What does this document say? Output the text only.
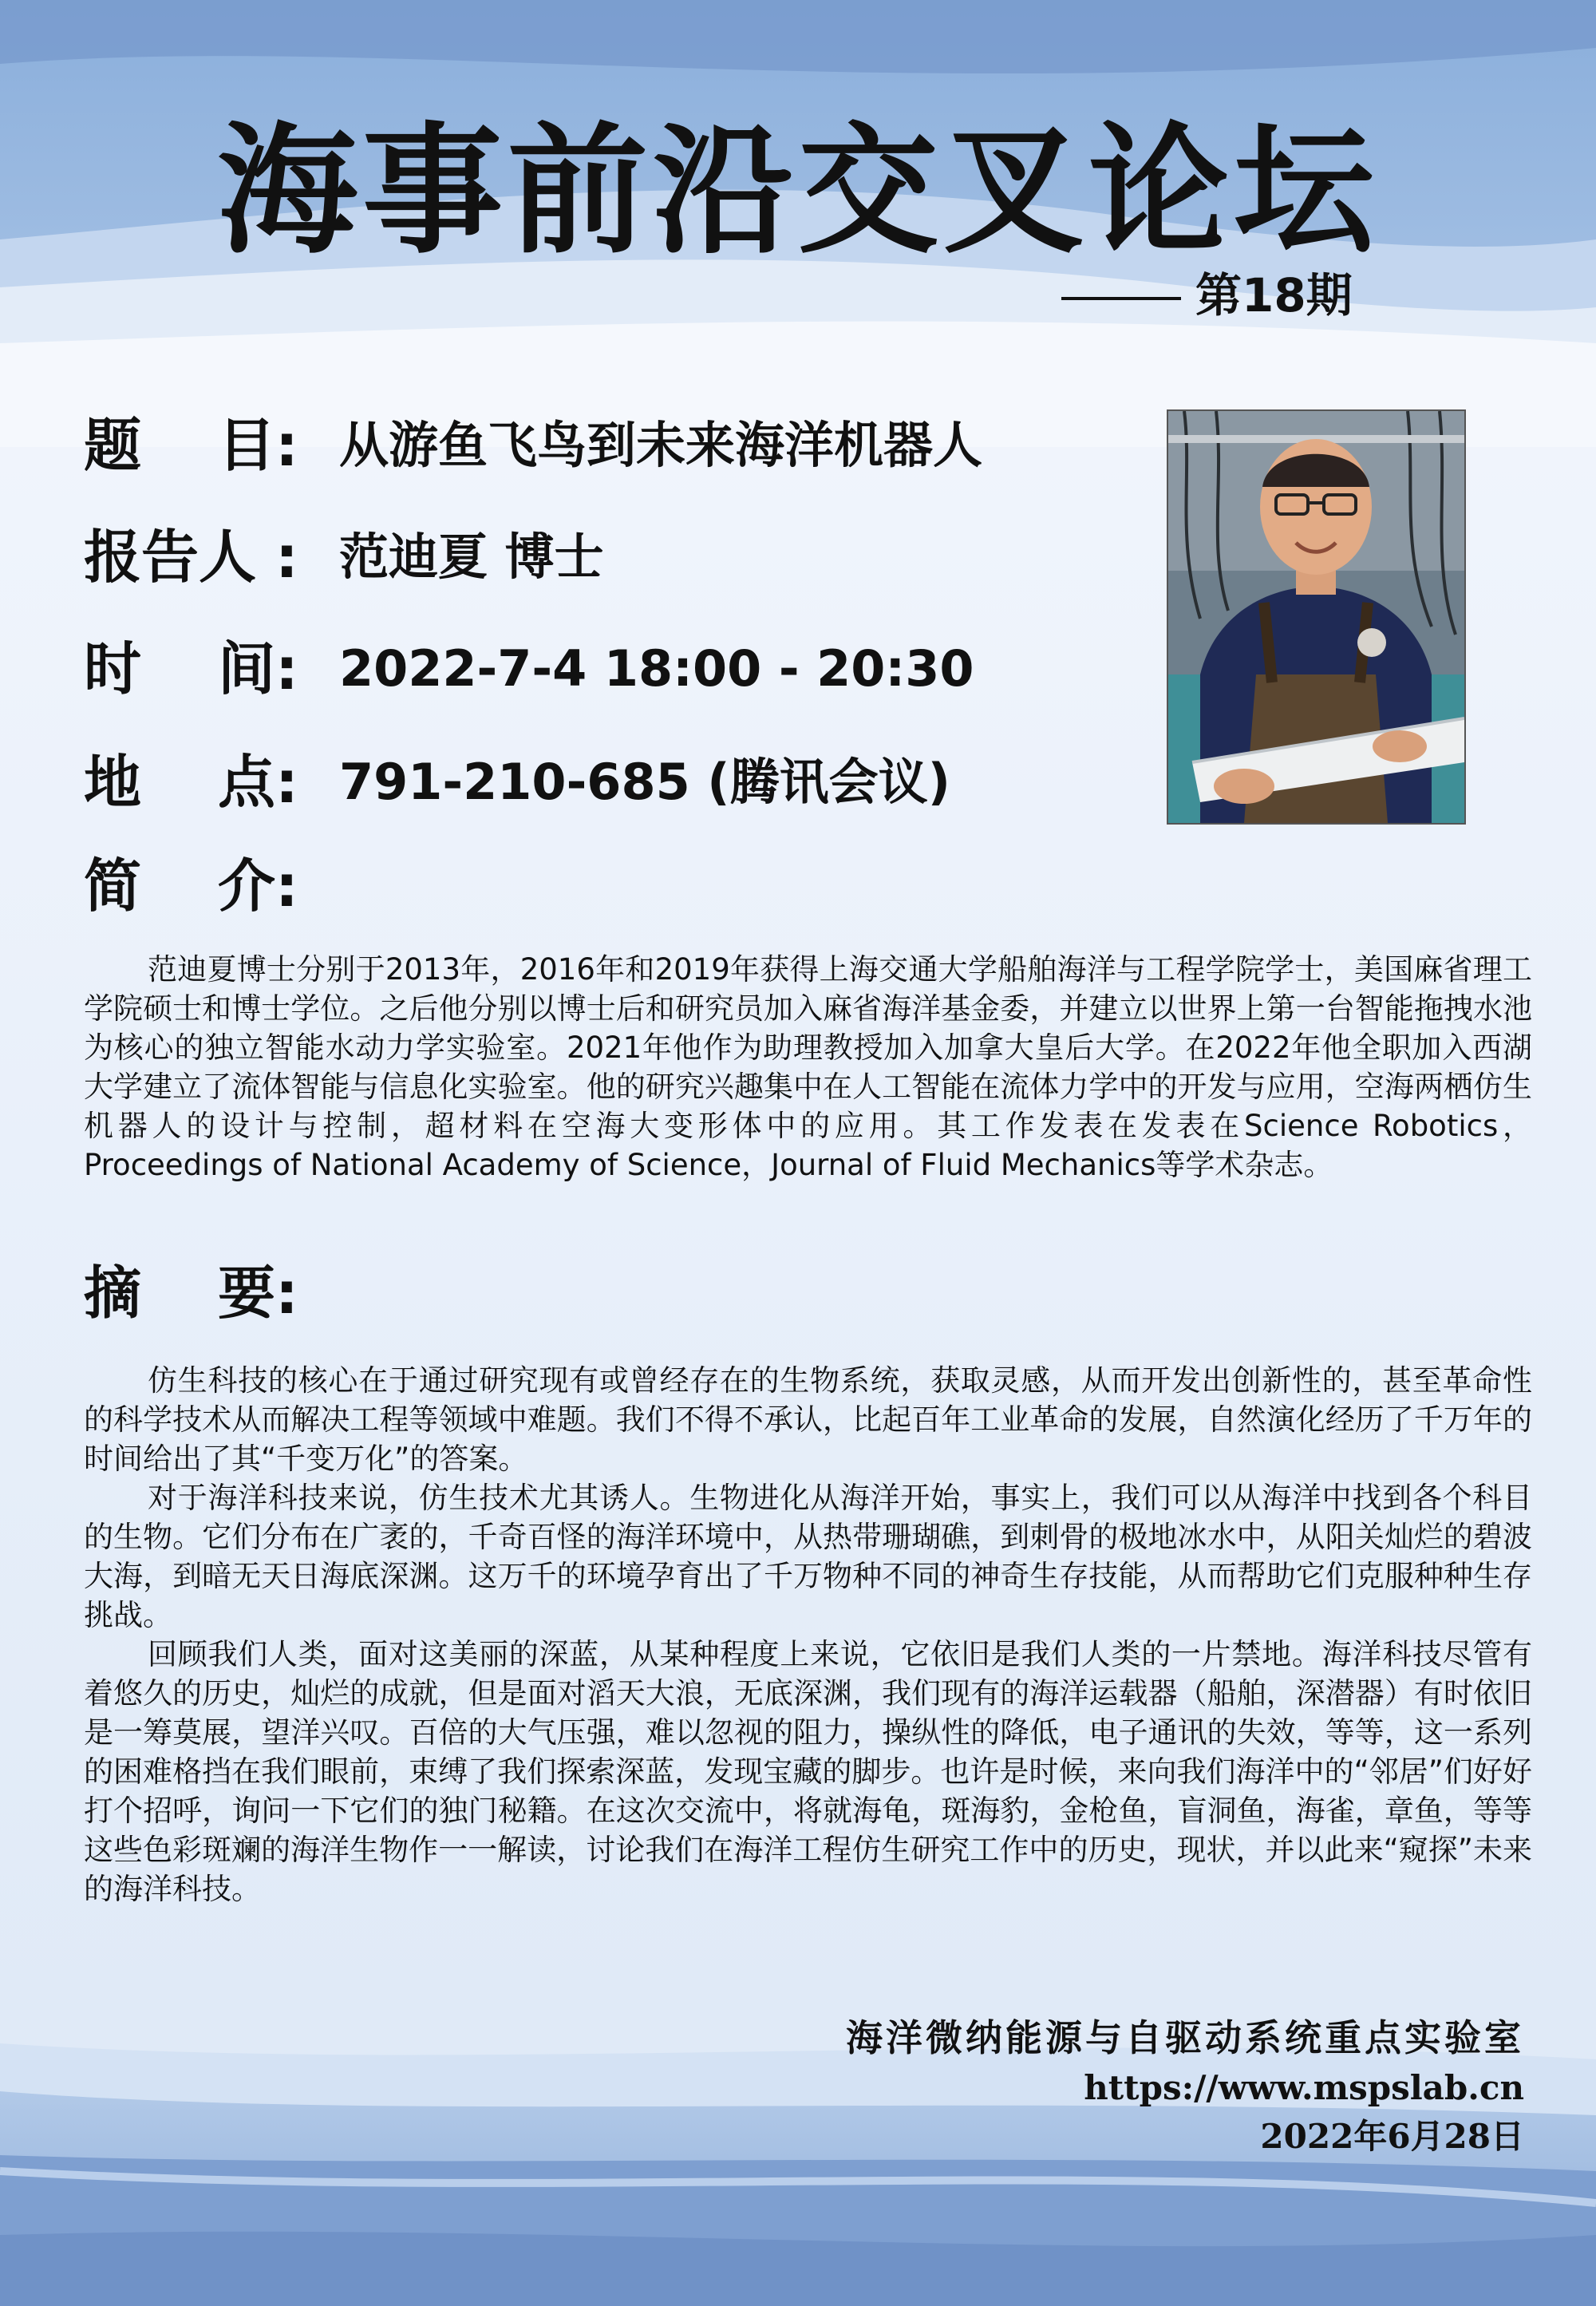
海事前沿交叉论坛
第18期
题 目 : 从游鱼飞鸟到未来海洋机器人
报告人 : 范迪夏 博士
时 间 : 2022-7-4 18:00 - 20:30
地 点 : 791-210-685 (腾讯会议)
简 介 :

范迪夏博士分别于2013年，2016年和2019年获得上海交通大学船舶海洋与工程学院学士，美国麻省理工学院硕士和博士学位。之后他分别以博士后和研究员加入麻省海洋基金委，并建立以世界上第一台智能拖拽水池为核心的独立智能水动力学实验室。2021年他作为助理教授加入加拿大皇后大学。在2022年他全职加入西湖大学建立了流体智能与信息化实验室。他的研究兴趣集中在人工智能在流体力学中的开发与应用，空海两栖仿生机器人的设计与控制，超材料在空海大变形体中的应用。其工作发表在发表在Science Robotics，Proceedings of National Academy of Science，Journal of Fluid Mechanics等学术杂志。

摘 要 :

仿生科技的核心在于通过研究现有或曾经存在的生物系统，获取灵感，从而开发出创新性的，甚至革命性的科学技术从而解决工程等领域中难题。我们不得不承认，比起百年工业革命的发展，自然演化经历了千万年的时间给出了其“千变万化”的答案。

对于海洋科技来说，仿生技术尤其诱人。生物进化从海洋开始，事实上，我们可以从海洋中找到各个科目的生物。它们分布在广袤的，千奇百怪的海洋环境中，从热带珊瑚礁，到刺骨的极地冰水中，从阳关灿烂的碧波大海，到暗无天日海底深渊。这万千的环境孕育出了千万物种不同的神奇生存技能，从而帮助它们克服种种生存挑战。

回顾我们人类，面对这美丽的深蓝，从某种程度上来说，它依旧是我们人类的一片禁地。海洋科技尽管有着悠久的历史，灿烂的成就，但是面对滔天大浪，无底深渊，我们现有的海洋运载器（船舶，深潜器）有时依旧是一筹莫展，望洋兴叹。百倍的大气压强，难以忽视的阻力，操纵性的降低，电子通讯的失效，等等，这一系列的困难格挡在我们眼前，束缚了我们探索深蓝，发现宝藏的脚步。也许是时候，来向我们海洋中的“邻居”们好好打个招呼，询问一下它们的独门秘籍。在这次交流中，将就海龟，斑海豹，金枪鱼，盲洞鱼，海雀，章鱼，等等这些色彩斑斓的海洋生物作一一解读，讨论我们在海洋工程仿生研究工作中的历史，现状，并以此来“窥探”未来的海洋科技。

海洋微纳能源与自驱动系统重点实验室
https://www.mspslab.cn
2022年6月28日
